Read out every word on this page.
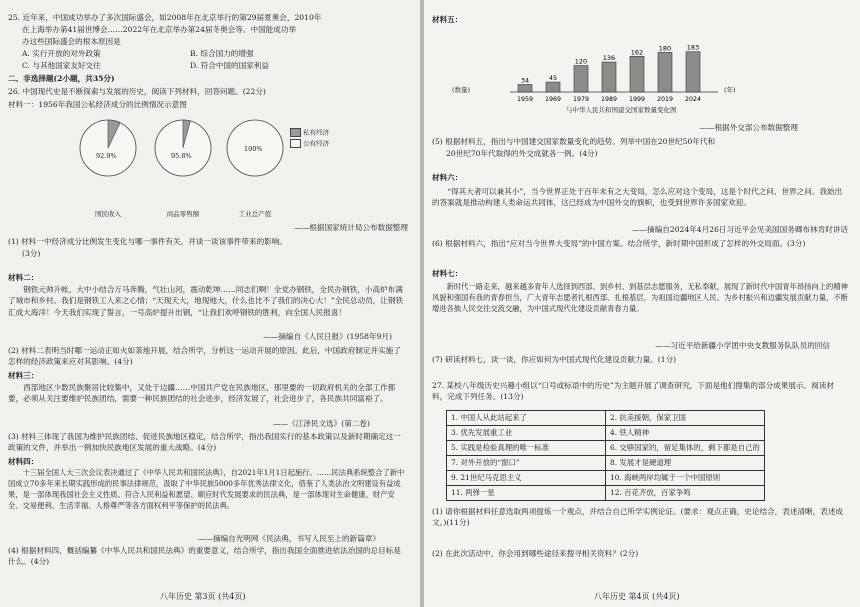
25. 近年来，中国成功举办了多次国际盛会，如2008年在北京举行的第29届夏奥会，2010年
在上海举办第41届世博会……2022年在北京举办第24届冬奥会等。中国能成功举
办这些国际盛会的根本原因是
A. 实行开放的对外政策	B. 综合国力的增强
C. 与其他国家友好交往	D. 符合中国的国家利益
二、非选择题(2小题，共35分)
26. 中国现代史是不断探索与发展的历史，阅读下列材料，回答问题。(22分)
材料一：1956年我国公私经济成分的比例情况示意图
92.9%	95.8%
100%
国民收入	商品零售额	工业总产值
私有经济
公有经济
——根据国家统计局公布数据整理
(1) 材料一中经济成分比例发生变化与哪一事件有关，并谈一谈该事件带来的影响。
(3分)
材料二：
钢铁元帅升帐，大中小结合万马奔腾，气壮山河，震动乾坤……同志们啊！全党办钢铁，全民办钢铁，小高炉布满了城市和乡村。我们是钢铁工人来之心情；“天现天大，地现地大，什么也比不了我们的决心大！”全民总动员，让钢铁汇成大海洋！今天我们实现了誓言，一号高炉提升出钢，“让我们欢呼钢铁的胜利，向全国人民报喜！
——摘编自《人民日报》(1958年9月)
(2) 材料二表明当时哪一运动正如火如荼地开展，结合所学，分析这一运动开展的原因。此后，中国政府制定并实施了怎样的经济政策来应对其影响。(4分)
材料三：
西部地区少数民族聚居比较集中，又处于边疆……中国共产党在民族地区，那里要的一切政府机关的全部工作都要，必须从关注要维护民族团结，需要一种民族团结的社会进步，经济发展了，社会进步了，各民族共同富裕了。
——《江泽民文选》(第二卷)
(3) 材料三体现了我国为维护民族团结、促进民族地区稳定，结合所学，指出我国实行的基本政策以及新时期确定这一政策的文件，并举出一例加快民族地区发展的重大战略。(4分)
材料四：
十三届全国人大三次会议表决通过了《中华人民共和国民法典》，自2021年1月1日起施行。……民法典系统整合了新中国成立70多年来长期实践形成的民事法律规范，汲取了中华民族5000多年优秀法律文化，借鉴了人类法治文明建设有益成果，是一部体现我国社会主义性质、符合人民利益和愿望、顺应时代发展要求的民法典，是一部体现对生命健康、财产安全、交易便利、生活幸福、人格尊严等各方面权利平等保护的民法典。
——摘编自光明网《民法典，书写人民至上的新篇章》
(4) 根据材料四，概括编纂《中华人民共和国民法典》的重要意义，结合所学，指出我国全面推进依法治国的总目标是什么。(4分)
八年历史 第3页 (共4页)
材料五：
34
1959
45
1969
120
1979
136
1989
162
1999
180
2019
183
2024
(数量)	(年)
与中华人民共和国建交国家数量变化图
——根据外交部公布数据整理
(5) 根据材料五，指出与中国建交国家数量变化的趋势。列举中国在20世纪50年代和
20世纪70年代取得的外交成就各一例。(4分)
材料六：
“得其大者可以兼其小”，当今世界正处于百年未有之大变局，怎么应对这个变局，这是个时代之问、世界之问。我始出的答案就是推动构建人类命运共同体，这已经成为中国外交的旗帜，也受到世界许多国家欢迎。
——摘编自2024年4月26日习近平会见美国国务卿布林肯时讲话
(6) 根据材料六，指出“应对当今世界大变局”的中国方案。结合所学，新时期中国形成了怎样的外交局面。(3分)
材料七：
新时代一路走来，越来越多青年人选择到西部、到乡村、到基层志愿服务，无私奉献，展现了新时代中国青年昂扬向上的精神风貌和强国有我的青春担当，广大青年志愿者扎根西部、扎根基层，为祖国边疆地区人民、为乡村振兴和边疆发展贡献力量，不断增进各族人民交往交流交融，为中国式现代化建设贡献青春力量。
——习近平给新疆小学团中央支教服务队队员的回信
(7) 研读材料七，谈一谈，你应如何为中国式现代化建设贡献力量。(1分)
27. 某校八年级历史兴趣小组以“口号或标语中的历史”为主题开展了调查研究，下面是他们搜集的部分成果展示。阅读材料，完成下列任务。(13分)
1. 中国人从此站起来了	2. 抗美援朝，保家卫国
3. 优先发展重工业	4. 铁人精神
5. 实践是检验真理的唯一标准	6. 交够国家的，留足集体的，剩下都是自己的
7. 对外开放的“窗口”	8. 发展才是硬道理
9. 21世纪马克思主义	10. 海峡两岸均属于一个中国原则
11. 两弹一星	12. 百花齐放，百家争鸣
(1) 请你根据材料任意选取两项提炼一个观点，并结合自己所学实例论证。(要求：观点正确，史论结合，表述清晰，表述成文。)(11分)
(2) 在此次活动中，你会用到哪些途径来搜寻相关资料？(2分)
八年历史 第4页 (共4页)
